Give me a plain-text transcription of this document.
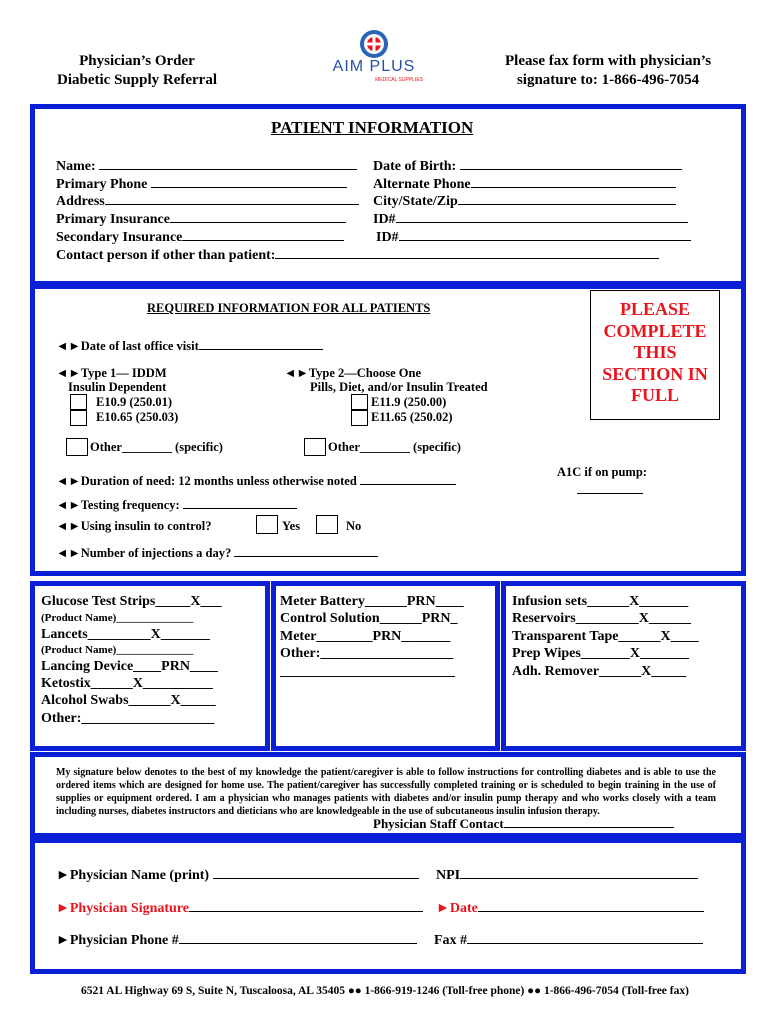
Physician’s Order
Diabetic Supply Referral
AIM PLUS
MEDICAL SUPPLIES
Please fax form with physician’s
signature to: 1-866-496-7054
PATIENT INFORMATION
Name:	Date of Birth:
Primary Phone	Alternate Phone
Address	City/State/Zip
Primary Insurance	ID#
Secondary Insurance	ID#
Contact person if other than patient:
REQUIRED INFORMATION FOR ALL PATIENTS	PLEASE
COMPLETE
THIS
SECTION IN
FULL
◄►Date of last office visit
◄►Type 1— IDDM
Insulin Dependent
E10.9 (250.01)
E10.65 (250.03)
◄►Type 2—Choose One
Pills, Diet, and/or Insulin Treated
E11.9 (250.00)
E11.65 (250.02)
Other________ (specific)	Other________ (specific)
◄►Duration of need: 12 months unless otherwise noted
A1C if on pump:
◄►Testing frequency:
◄►Using insulin to control?	Yes	No
◄►Number of injections a day?
Glucose Test Strips_____X___
(Product Name)______________
Lancets_________X_______
(Product Name)______________
Lancing Device____PRN____
Ketostix______X__________
Alcohol Swabs______X_____
Other:___________________
Meter Battery______PRN____
Control Solution______PRN_
Meter________PRN_______
Other:___________________
_________________________
Infusion sets______X_______
Reservoirs_________X______
Transparent Tape______X____
Prep Wipes_______X_______
Adh. Remover______X_____
My signature below denotes to the best of my knowledge the patient/caregiver is able to follow instructions for controlling diabetes and is able to use the ordered items which are designed for home use. The patient/caregiver has successfully completed training or is scheduled to begin training in the use of supplies or equipment ordered. I am a physician who manages patients with diabetes and/or insulin pump therapy and who works closely with a team including nurses, diabetes instructors and dieticians who are knowledgeable in the use of subcutaneous insulin infusion therapy.
Physician Staff Contact
►Physician Name (print)	NPI
►Physician Signature	►Date
►Physician Phone #	Fax #
6521 AL Highway 69 S, Suite N, Tuscaloosa, AL 35405 ●● 1-866-919-1246 (Toll-free phone) ●● 1-866-496-7054 (Toll-free fax)
